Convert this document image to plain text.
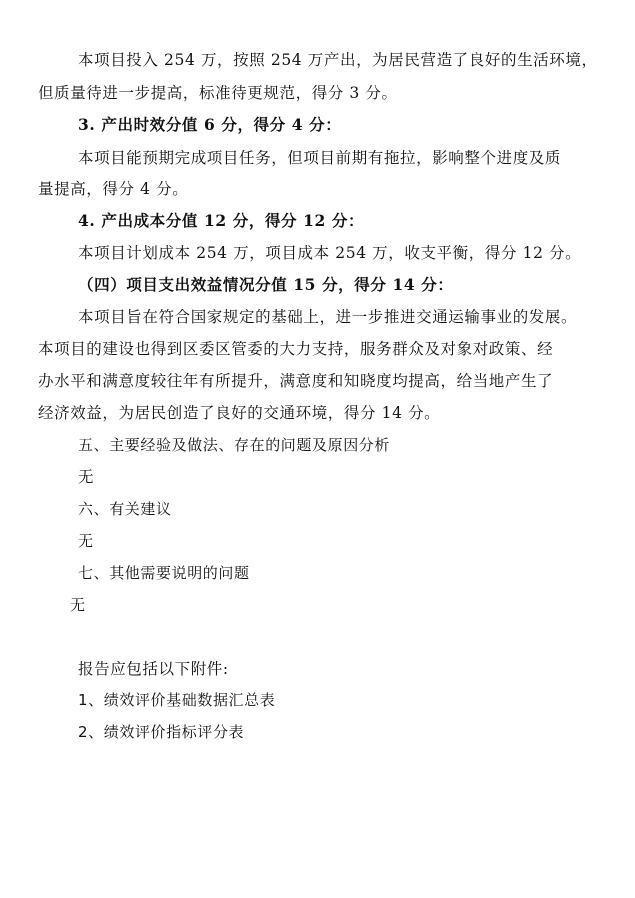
本项目投入 254 万，按照 254 万产出，为居民营造了良好的生活环境，
但质量待进一步提高，标准待更规范，得分 3 分。
3. 产出时效分值 6 分，得分 4 分：
本项目能预期完成项目任务，但项目前期有拖拉，影响整个进度及质
量提高，得分 4 分。
4. 产出成本分值 12 分，得分 12 分：
本项目计划成本 254 万，项目成本 254 万，收支平衡，得分 12 分。
（四）项目支出效益情况分值 15 分，得分 14 分：
本项目旨在符合国家规定的基础上，进一步推进交通运输事业的发展。
本项目的建设也得到区委区管委的大力支持，服务群众及对象对政策、经
办水平和满意度较往年有所提升，满意度和知晓度均提高，给当地产生了
经济效益，为居民创造了良好的交通环境，得分 14 分。
五、主要经验及做法、存在的问题及原因分析
无
六、有关建议
无
七、其他需要说明的问题
无
报告应包括以下附件:
1、绩效评价基础数据汇总表
2、绩效评价指标评分表
